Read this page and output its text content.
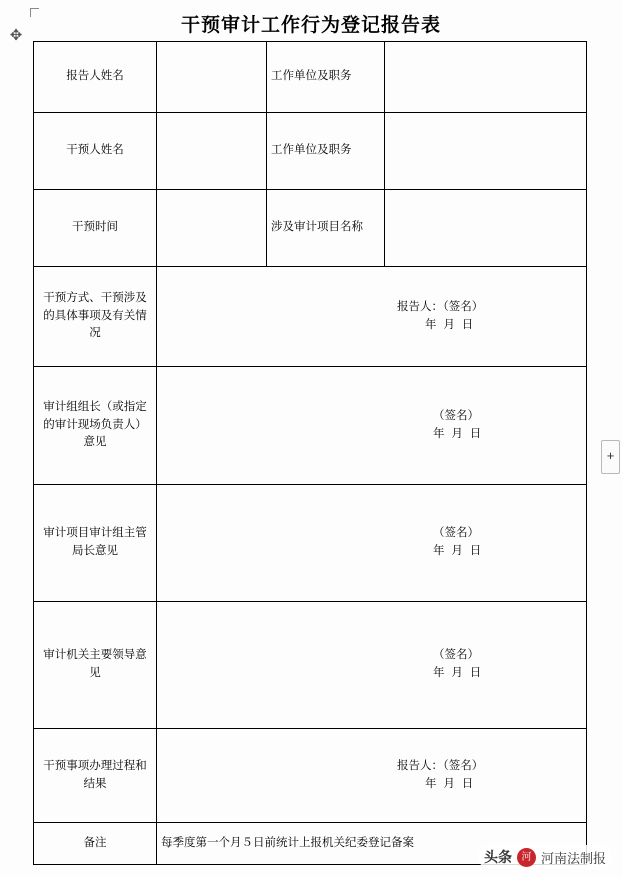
✥
+
干预审计工作行为登记报告表
报告人姓名		工作单位及职务	
干预人姓名		工作单位及职务	
干预时间		涉及审计项目名称	
干预方式、干预涉及的具体事项及有关情况	报告人：（签名）
年 月 日		

审计组组长（或指定的审计现场负责人）意见	（签名）
年 月 日		

审计项目审计组主管局长意见	（签名）
年 月 日		

审计机关主要领导意见	（签名）
年 月 日		

干预事项办理过程和结果	报告人：（签名）
年 月 日		

备注	每季度第一个月５日前统计上报机关纪委登记备案		
头条 河 河南法制报
